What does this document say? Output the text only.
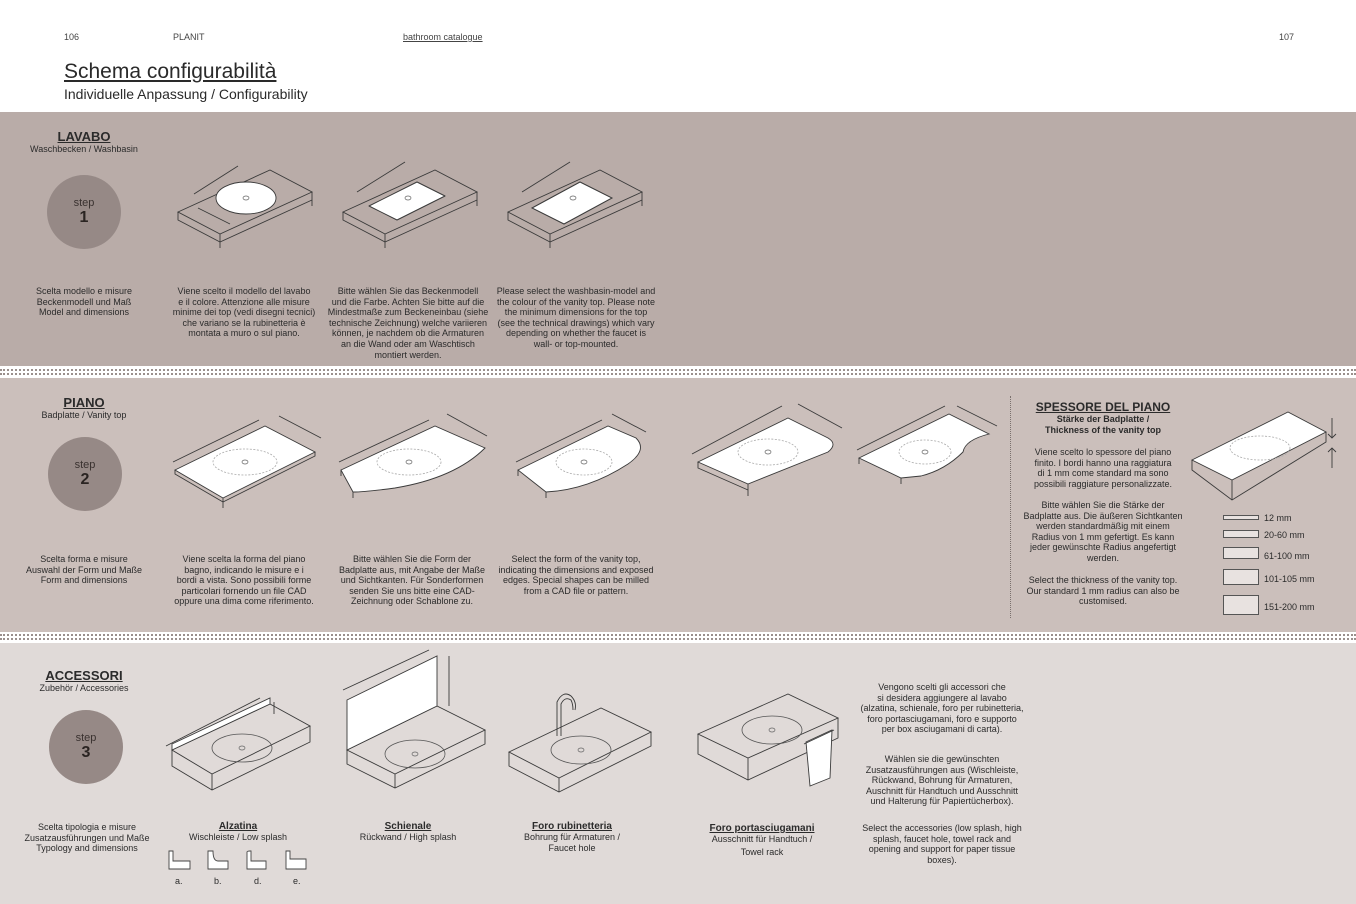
106	PLANIT	bathroom catalogue	107
Schema configurabilità
Individuelle Anpassung / Configurability
LAVABO
Waschbecken / Washbasin
step
1
Scelta modello e misure
Beckenmodell und Maß
Model and dimensions
Viene scelto il modello del lavabo
e il colore. Attenzione alle misure
minime dei top (vedi disegni tecnici)
che variano se la rubinetteria è
montata a muro o sul piano.
Bitte wählen Sie das Beckenmodell
und die Farbe. Achten Sie bitte auf die
Mindestmaße zum Beckeneinbau (siehe
technische Zeichnung) welche variieren
können, je nachdem ob die Armaturen
an die Wand oder am Waschtisch
montiert werden.
Please select the washbasin-model and
the colour of the vanity top. Please note
the minimum dimensions for the top
(see the technical drawings) which vary
depending on whether the faucet is
wall- or top-mounted.
PIANO
Badplatte / Vanity top
step
2
Scelta forma e misure
Auswahl der Form und Maße
Form and dimensions
Viene scelta la forma del piano
bagno, indicando le misure e i
bordi a vista. Sono possibili forme
particolari fornendo un file CAD
oppure una dima come riferimento.
Bitte wählen Sie die Form der
Badplatte aus, mit Angabe der Maße
und Sichtkanten. Für Sonderformen
senden Sie uns bitte eine CAD-
Zeichnung oder Schablone zu.
Select the form of the vanity top,
indicating the dimensions and exposed
edges. Special shapes can be milled
from a CAD file or pattern.
SPESSORE DEL PIANO
Stärke der Badplatte /
Thickness of the vanity top
Viene scelto lo spessore del piano
finito. I bordi hanno una raggiatura
di 1 mm come standard ma sono
possibili raggiature personalizzate.
Bitte wählen Sie die Stärke der
Badplatte aus. Die äußeren Sichtkanten
werden standardmäßig mit einem
Radius von 1 mm gefertigt. Es kann
jeder gewünschte Radius angefertigt
werden.
Select the thickness of the vanity top.
Our standard 1 mm radius can also be
customised.
12 mm
20-60 mm
61-100 mm
101-105 mm
151-200 mm
ACCESSORI
Zubehör / Accessories
step
3
Scelta tipologia e misure
Zusatzausführungen und Maße
Typology and dimensions
Alzatina
Wischleiste / Low splash
Schienale
Rückwand / High splash
Foro rubinetteria
Bohrung für Armaturen /
Faucet hole
Foro portasciugamani
Ausschnitt für Handtuch /
Towel rack
a.	b.	d.	e.
Vengono scelti gli accessori che
si desidera aggiungere al lavabo
(alzatina, schienale, foro per rubinetteria,
foro portasciugamani, foro e supporto
per box asciugamani di carta).
Wählen sie die gewünschten
Zusatzausführungen aus (Wischleiste,
Rückwand, Bohrung für Armaturen,
Auschnitt für Handtuch und Ausschnitt
und Halterung für Papiertücherbox).
Select the accessories (low splash, high
splash, faucet hole, towel rack and
opening and support for paper tissue
boxes).
